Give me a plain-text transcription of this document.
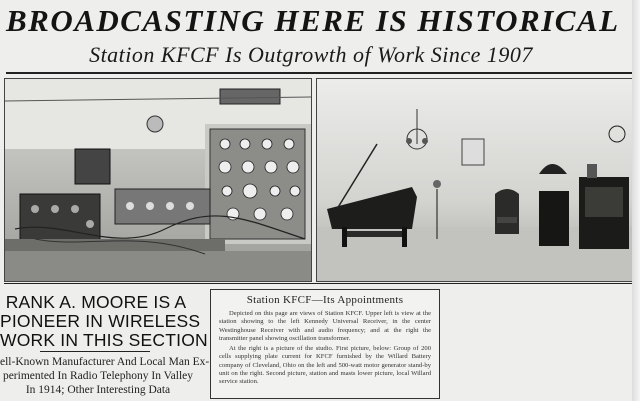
BROADCASTING HERE IS HISTORICAL
Station KFCF Is Outgrowth of Work Since 1907
RANK A. MOORE IS A
PIONEER IN WIRELESS
WORK IN THIS SECTION
ell-Known Manufacturer And Local Man Ex-
perimented In Radio Telephony In Valley
In 1914; Other Interesting Data
Station KFCF—Its Appointments

Depicted on this page are views of Station KFCF. Upper left is view at the station showing to the left Kennedy Universal Receiver, in the center Westinghouse Receiver with and audio frequency; and at the right the transmitter panel showing oscillation transformer.

At the right is a picture of the studio. First picture, below: Group of 200 cells supplying plate current for KFCF furnished by the Willard Battery company of Cleveland, Ohio on the left and 500-watt motor generator stand-by unit on the right. Second picture, station and masts lower picture, local Willard service station.
